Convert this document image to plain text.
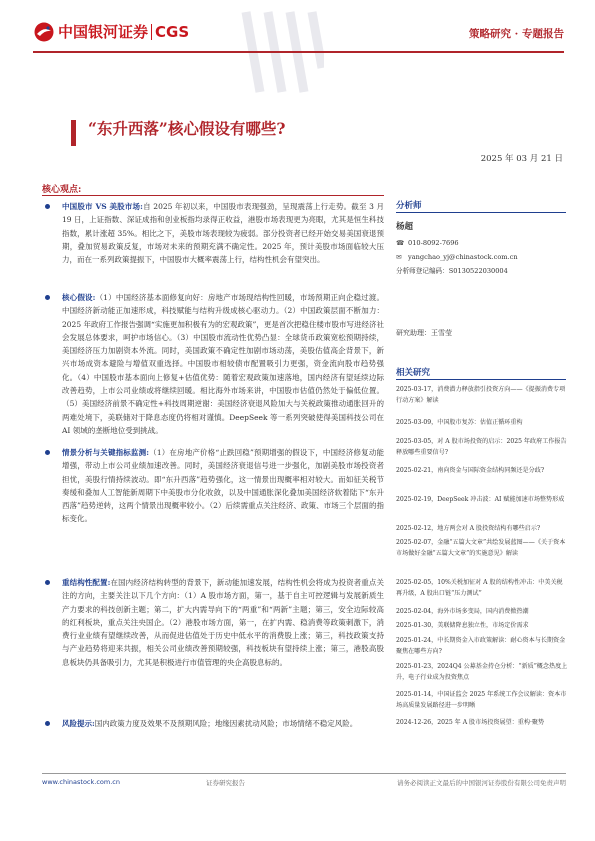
中国银河证券 CGS	策略研究 · 专题报告
“东升西落”核心假设有哪些?
2025 年 03 月 21 日
核心观点:
中国股市 VS 美股市场:自 2025 年初以来，中国股市表现强劲，呈现震荡上行走势。截至 3 月 19 日，上证指数、深证成指和创业板指均录得正收益，港股市场表现更为亮眼，尤其是恒生科技指数，累计涨超 35%。相比之下，美股市场表现较为疲弱。部分投资者已经开始交易美国衰退预期，叠加贸易政策反复，市场对未来的预期充满不确定性。2025 年，预计美股市场面临较大压力，而在一系列政策提振下，中国股市大概率震荡上行，结构性机会有望突出。
核心假设:（1）中国经济基本面修复向好：房地产市场现结构性回暖，市场预期正向企稳过渡。中国经济新动能正加速形成，科技赋能与结构升级成核心驱动力。（2）中国政策层面不断加力：2025 年政府工作报告强调“实施更加积极有为的宏观政策”，更是首次把稳住楼市股市写进经济社会发展总体要求，呵护市场信心。（3）中国股市流动性优势凸显：全球货币政策宽松预期持续，美国经济压力加剧资本外流。同时，美国政策不确定性加剧市场动荡，美股估值高企背景下，新兴市场成资本避险与增值双重选择。中国股市相较债市配置吸引力更强，资金流向股市趋势强化。（4）中国股市基本面向上修复+估值优势：随着宏观政策加速落地，国内经济有望延续边际改善趋势，上市公司业绩或将继续回暖。相比海外市场来讲，中国股市估值仍然处于偏低位置。（5）美国经济前景不确定性+科技周期逆谢：美国经济衰退风险加大与关税政策推动通胀回升的两难处境下，美联储对于降息态度仍将相对谨慎。DeepSeek 等一系列突破使得美国科技公司在 AI 领域的垄断地位受到挑战。
情景分析与关键指标监测:（1）在房地产价格“止跌回稳”预期增强的假设下，中国经济修复动能增强，带动上市公司业绩加速改善。同时，美国经济衰退信号进一步强化，加剧美股市场投资者担忧，美股行情持续波动。即“东升西落”趋势强化，这一情景出现概率相对较大。而如征关税节奏缓和叠加人工智能新周期下中美股市分化收敛，以及中国通胀深化叠加美国经济软着陆下“东升西落”趋势逆转，这两个情景出现概率较小。（2）后续需重点关注经济、政策、市场三个层面的指标变化。
重结构性配置:在国内经济结构转型的背景下，新动能加速发展，结构性机会将成为投资者重点关注的方向，主要关注以下几个方向：（1）A 股市场方面，第一，基于自主可控逻辑与发展新质生产力要求的科技创新主题；第二，扩大内需导向下的“两重”和“两新”主题；第三，安全边际较高的红利板块，重点关注央国企。（2）港股市场方面，第一，在扩内需、稳消费等政策刺激下，消费行业业绩有望继续改善，从而促进估值处于历史中低水平的消费股上涨；第三，科技政策支持与产业趋势将迎来共振，相关公司业绩改善预期较强，科技板块有望持续上涨；第三，港股高股息板块仍具备吸引力，尤其是积极进行市值管理的央企高股息标的。
风险提示:国内政策力度及效果不及预期风险；地缘因素扰动风险；市场情绪不稳定风险。
分析师
杨超
☎ 010-8092-7696
✉ yangchao_yj@chinastock.com.cn
分析师登记编码：S0130522030004
研究助理：王雪莹
相关研究
2025-03-17，消费潜力释放指引投资方向——《提振消费专项行动方案》解读
2025-03-09，中国股市复苏：估值正循环重构
2025-03-05，对 A 股市场投资的启示：2025 年政府工作报告释放哪些重要信号?
2025-02-21，南向资金与国际资金结构同频还是分歧?
2025-02-19，DeepSeek 冲击波：AI 赋能加速市场整势形成
2025-02-12，地方两会对 A 股投资结构有哪些启示?
2025-02-07，金融“五篇大文章”共绘发展蓝图——《关于资本市场做好金融“五篇大文章”的实施意见》解读
2025-02-05，10%关税加征对 A 股的结构性冲击：中美关税再升级，A 股出口链“压力测试”
2025-02-04，海外市场多变局，国内消费掀热潮
2025-01-30，美联储降息独立性，市场定价需求
2025-01-24，中长期资金入市政策解读：耐心资本与长期资金聚焦在哪些方向?
2025-01-23，2024Q4 公募基金持仓分析：“新质”概念热度上升，电子行业成为投资焦点
2025-01-14，中国证监会 2025 年系统工作会议解读：资本市场高质量发展路径进一步明晰
2024-12-26，2025 年 A 股市场投资展望：重构·聚势
www.chinastock.com.cn	证券研究报告	请务必阅读正文最后的中国银河证券股份有限公司免责声明
